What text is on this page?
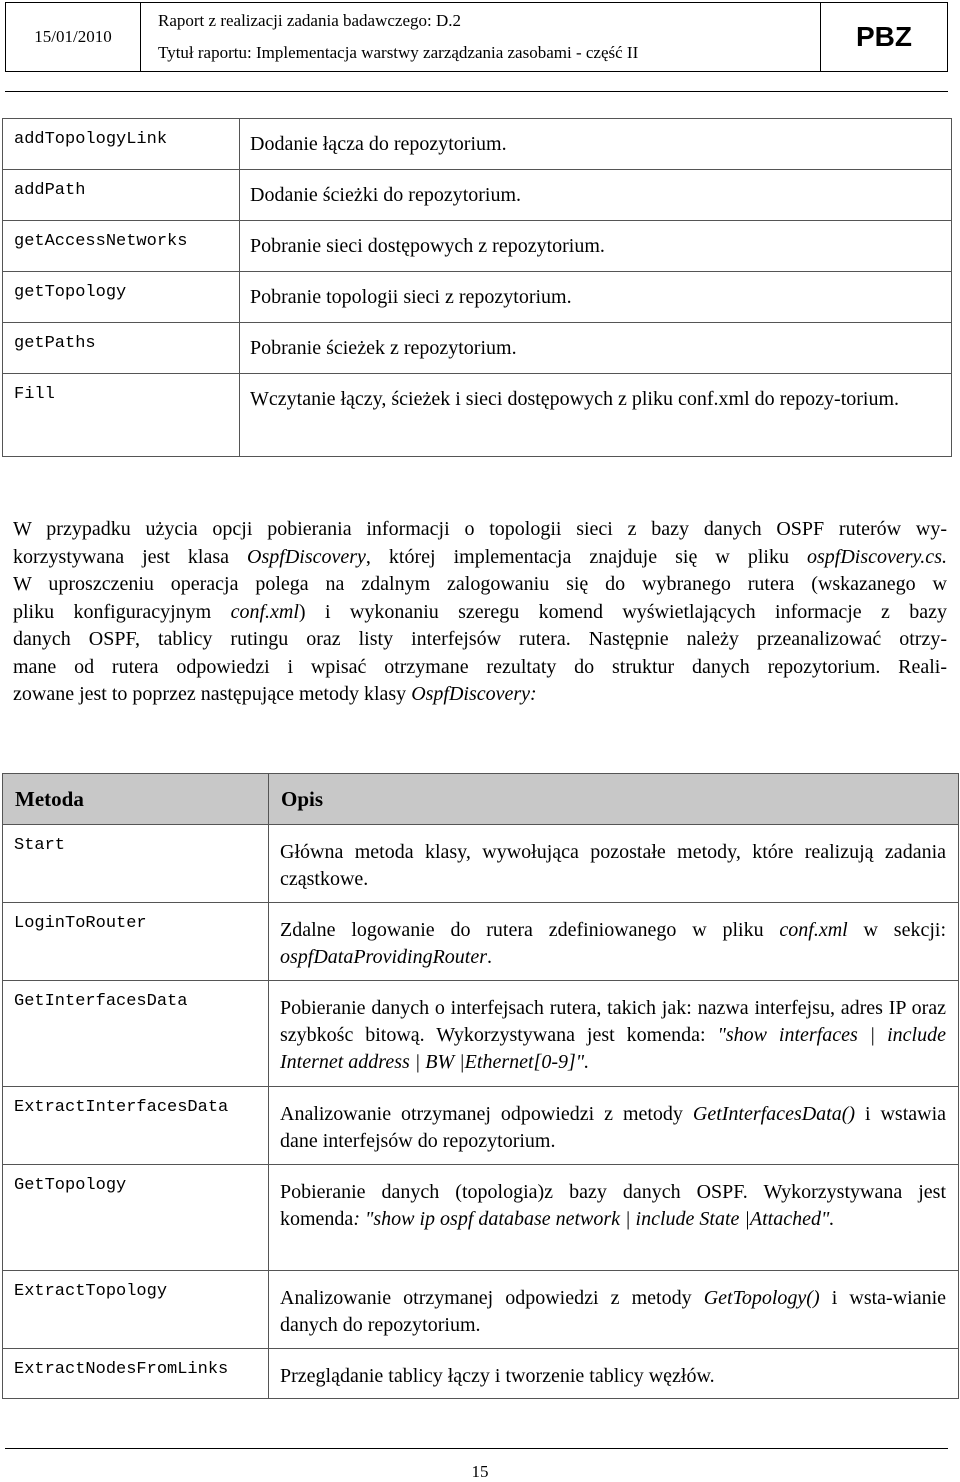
15/01/2010
Raport z realizacji zadania badawczego: D.2
Tytuł raportu: Implementacja warstwy zarządzania zasobami - część II
PBZ
addTopologyLink	Dodanie łącza do repozytorium.
addPath	Dodanie ścieżki do repozytorium.
getAccessNetworks	Pobranie sieci dostępowych z repozytorium.
getTopology	Pobranie topologii sieci z repozytorium.
getPaths	Pobranie ścieżek z repozytorium.
Fill	Wczytanie łączy, ścieżek i sieci dostępowych z pliku conf.xml do repozy-torium.
W przypadku użycia opcji pobierania informacji o topologii sieci z bazy danych OSPF ruterów wy-
korzystywana jest klasa OspfDiscovery, której implementacja znajduje się w pliku ospfDiscovery.cs.
W uproszczeniu operacja polega na zdalnym zalogowaniu się do wybranego rutera (wskazanego w
pliku konfiguracyjnym conf.xml) i wykonaniu szeregu komend wyświetlających informacje z bazy
danych OSPF, tablicy rutingu oraz listy interfejsów rutera. Następnie należy przeanalizować otrzy-
mane od rutera odpowiedzi i wpisać otrzymane rezultaty do struktur danych repozytorium. Reali-
zowane jest to poprzez następujące metody klasy OspfDiscovery:
Metoda	Opis
Start	Główna metoda klasy, wywołująca pozostałe metody, które realizują zadania cząstkowe.
LoginToRouter	Zdalne logowanie do rutera zdefiniowanego w pliku conf.xml w sekcji: ospfDataProvidingRouter.
GetInterfacesData	Pobieranie danych o interfejsach rutera, takich jak: nazwa interfejsu, adres IP oraz szybkośc bitową. Wykorzystywana jest komenda: "show interfaces | include Internet address | BW |Ethernet[0-9]".
ExtractInterfacesData	Analizowanie otrzymanej odpowiedzi z metody GetInterfacesData() i wstawia dane interfejsów do repozytorium.
GetTopology	Pobieranie danych (topologia)z bazy danych OSPF. Wykorzystywana jest komenda: "show ip ospf database network | include State |Attached".
ExtractTopology	Analizowanie otrzymanej odpowiedzi z metody GetTopology() i wsta-wianie danych do repozytorium.
ExtractNodesFromLinks	Przeglądanie tablicy łączy i tworzenie tablicy węzłów.
15
